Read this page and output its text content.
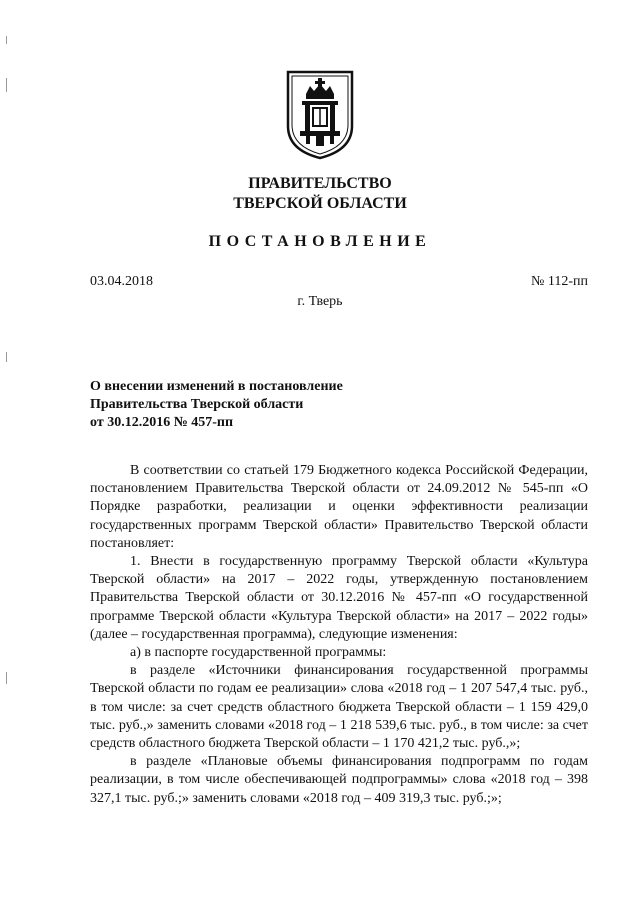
ПРАВИТЕЛЬСТВО
ТВЕРСКОЙ ОБЛАСТИ
ПОСТАНОВЛЕНИЕ
03.04.2018	№ 112-пп
г. Тверь
О внесении изменений в постановление
Правительства Тверской области
от 30.12.2016 № 457-пп

В соответствии со статьей 179 Бюджетного кодекса Российской Федерации, постановлением Правительства Тверской области от 24.09.2012 № 545-пп «О Порядке разработки, реализации и оценки эффективности реализации государственных программ Тверской области» Правительство Тверской области постановляет:

1. Внести в государственную программу Тверской области «Культура Тверской области» на 2017 – 2022 годы, утвержденную постановлением Правительства Тверской области от 30.12.2016 № 457-пп «О государственной программе Тверской области «Культура Тверской области» на 2017 – 2022 годы» (далее – государственная программа), следующие изменения:

а) в паспорте государственной программы:

в разделе «Источники финансирования государственной программы Тверской области по годам ее реализации» слова «2018 год – 1 207 547,4 тыс. руб., в том числе: за счет средств областного бюджета Тверской области – 1 159 429,0 тыс. руб.,» заменить словами «2018 год – 1 218 539,6 тыс. руб., в том числе: за счет средств областного бюджета Тверской области – 1 170 421,2 тыс. руб.,»;

в разделе «Плановые объемы финансирования подпрограмм по годам реализации, в том числе обеспечивающей подпрограммы» слова «2018 год – 398 327,1 тыс. руб.;» заменить словами «2018 год – 409 319,3 тыс. руб.;»;
